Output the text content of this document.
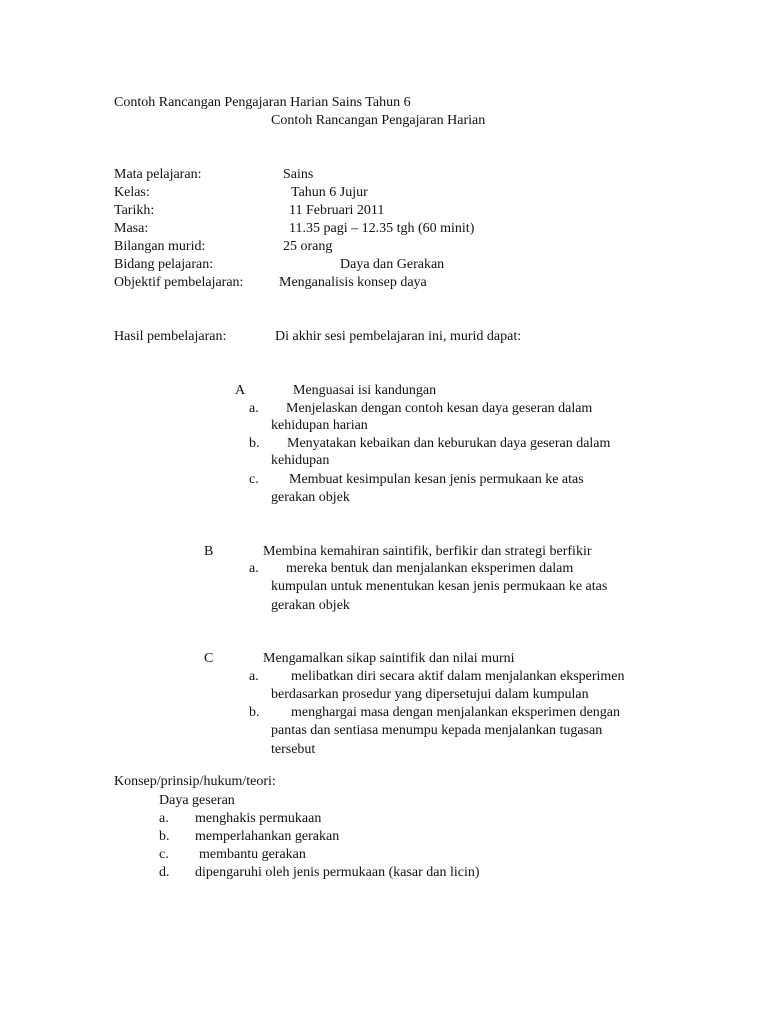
Contoh Rancangan Pengajaran Harian Sains Tahun 6
Contoh Rancangan Pengajaran Harian
Mata pelajaran:	Sains
Kelas:	Tahun 6 Jujur
Tarikh:	11 Februari 2011
Masa:	11.35 pagi – 12.35 tgh (60 minit)
Bilangan murid:	25 orang
Bidang pelajaran:	Daya dan Gerakan
Objektif pembelajaran:	Menganalisis konsep daya
Hasil pembelajaran:	Di akhir sesi pembelajaran ini, murid dapat:
A	Menguasai isi kandungan
a. Menjelaskan dengan contoh kesan daya geseran dalam
kehidupan harian
b. Menyatakan kebaikan dan keburukan daya geseran dalam
kehidupan
c. Membuat kesimpulan kesan jenis permukaan ke atas
gerakan objek
B	Membina kemahiran saintifik, berfikir dan strategi berfikir
a. mereka bentuk dan menjalankan eksperimen dalam
kumpulan untuk menentukan kesan jenis permukaan ke atas
gerakan objek
C	Mengamalkan sikap saintifik dan nilai murni
a. melibatkan diri secara aktif dalam menjalankan eksperimen
berdasarkan prosedur yang dipersetujui dalam kumpulan
b. menghargai masa dengan menjalankan eksperimen dengan
pantas dan sentiasa menumpu kepada menjalankan tugasan
tersebut
Konsep/prinsip/hukum/teori:
Daya geseran
a. menghakis permukaan
b. memperlahankan gerakan
c. membantu gerakan
d. dipengaruhi oleh jenis permukaan (kasar dan licin)
